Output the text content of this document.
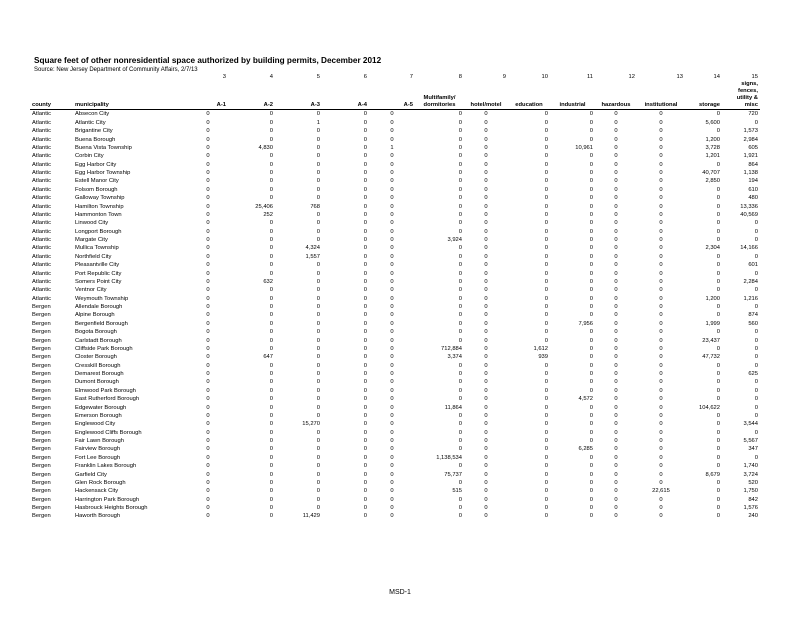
Square feet of other nonresidential space authorized by building permits, December 2012
Source: New Jersey Department of Community Affairs, 2/7/13
		3	4	5	6	7	8	9	10	11	12	13	14	15
county	municipality	A-1	A-2	A-3	A-4	A-5	Multifamily/ dormitories	hotel/motel	education	industrial	hazardous	institutional	storage	signs, fences, utility & misc
Atlantic	Absecon City	0	0	0	0	0	0	0	0	0	0	0	0	720
Atlantic	Atlantic City	0	0	1	0	0	0	0	0	0	0	0	5,600	0
Atlantic	Brigantine City	0	0	0	0	0	0	0	0	0	0	0	0	1,573
Atlantic	Buena Borough	0	0	0	0	0	0	0	0	0	0	0	1,200	2,984
Atlantic	Buena Vista Township	0	4,830	0	0	1	0	0	0	10,961	0	0	3,728	605
Atlantic	Corbin City	0	0	0	0	0	0	0	0	0	0	0	1,201	1,921
Atlantic	Egg Harbor City	0	0	0	0	0	0	0	0	0	0	0	0	864
Atlantic	Egg Harbor Township	0	0	0	0	0	0	0	0	0	0	0	40,707	1,138
Atlantic	Estell Manor City	0	0	0	0	0	0	0	0	0	0	0	2,850	194
Atlantic	Folsom Borough	0	0	0	0	0	0	0	0	0	0	0	0	610
Atlantic	Galloway Township	0	0	0	0	0	0	0	0	0	0	0	0	480
Atlantic	Hamilton Township	0	25,406	768	0	0	0	0	0	0	0	0	0	13,336
Atlantic	Hammonton Town	0	252	0	0	0	0	0	0	0	0	0	0	40,569
Atlantic	Linwood City	0	0	0	0	0	0	0	0	0	0	0	0	0
Atlantic	Longport Borough	0	0	0	0	0	0	0	0	0	0	0	0	0
Atlantic	Margate City	0	0	0	0	0	3,924	0	0	0	0	0	0	0
Atlantic	Mullica Township	0	0	4,324	0	0	0	0	0	0	0	0	2,304	14,166
Atlantic	Northfield City	0	0	1,557	0	0	0	0	0	0	0	0	0	0
Atlantic	Pleasantville City	0	0	0	0	0	0	0	0	0	0	0	0	601
Atlantic	Port Republic City	0	0	0	0	0	0	0	0	0	0	0	0	0
Atlantic	Somers Point City	0	632	0	0	0	0	0	0	0	0	0	0	2,284
Atlantic	Ventnor City	0	0	0	0	0	0	0	0	0	0	0	0	0
Atlantic	Weymouth Township	0	0	0	0	0	0	0	0	0	0	0	1,200	1,216
Bergen	Allendale Borough	0	0	0	0	0	0	0	0	0	0	0	0	0
Bergen	Alpine Borough	0	0	0	0	0	0	0	0	0	0	0	0	874
Bergen	Bergenfield Borough	0	0	0	0	0	0	0	0	7,956	0	0	1,999	560
Bergen	Bogota Borough	0	0	0	0	0	0	0	0	0	0	0	0	0
Bergen	Carlstadt Borough	0	0	0	0	0	0	0	0	0	0	0	23,437	0
Bergen	Cliffside Park Borough	0	0	0	0	0	712,884	0	1,612	0	0	0	0	0
Bergen	Closter Borough	0	647	0	0	0	3,374	0	939	0	0	0	47,732	0
Bergen	Cresskill Borough	0	0	0	0	0	0	0	0	0	0	0	0	0
Bergen	Demarest Borough	0	0	0	0	0	0	0	0	0	0	0	0	625
Bergen	Dumont Borough	0	0	0	0	0	0	0	0	0	0	0	0	0
Bergen	Elmwood Park Borough	0	0	0	0	0	0	0	0	0	0	0	0	0
Bergen	East Rutherford Borough	0	0	0	0	0	0	0	0	4,572	0	0	0	0
Bergen	Edgewater Borough	0	0	0	0	0	11,864	0	0	0	0	0	104,622	0
Bergen	Emerson Borough	0	0	0	0	0	0	0	0	0	0	0	0	0
Bergen	Englewood City	0	0	15,270	0	0	0	0	0	0	0	0	0	3,544
Bergen	Englewood Cliffs Borough	0	0	0	0	0	0	0	0	0	0	0	0	0
Bergen	Fair Lawn Borough	0	0	0	0	0	0	0	0	0	0	0	0	5,567
Bergen	Fairview Borough	0	0	0	0	0	0	0	0	6,285	0	0	0	347
Bergen	Fort Lee Borough	0	0	0	0	0	1,138,534	0	0	0	0	0	0	0
Bergen	Franklin Lakes Borough	0	0	0	0	0	0	0	0	0	0	0	0	1,740
Bergen	Garfield City	0	0	0	0	0	75,737	0	0	0	0	0	8,679	3,724
Bergen	Glen Rock Borough	0	0	0	0	0	0	0	0	0	0	0	0	520
Bergen	Hackensack City	0	0	0	0	0	515	0	0	0	0	22,615	0	1,750
Bergen	Harrington Park Borough	0	0	0	0	0	0	0	0	0	0	0	0	842
Bergen	Hasbrouck Heights Borough	0	0	0	0	0	0	0	0	0	0	0	0	1,576
Bergen	Haworth Borough	0	0	11,429	0	0	0	0	0	0	0	0	0	240
MSD-1
